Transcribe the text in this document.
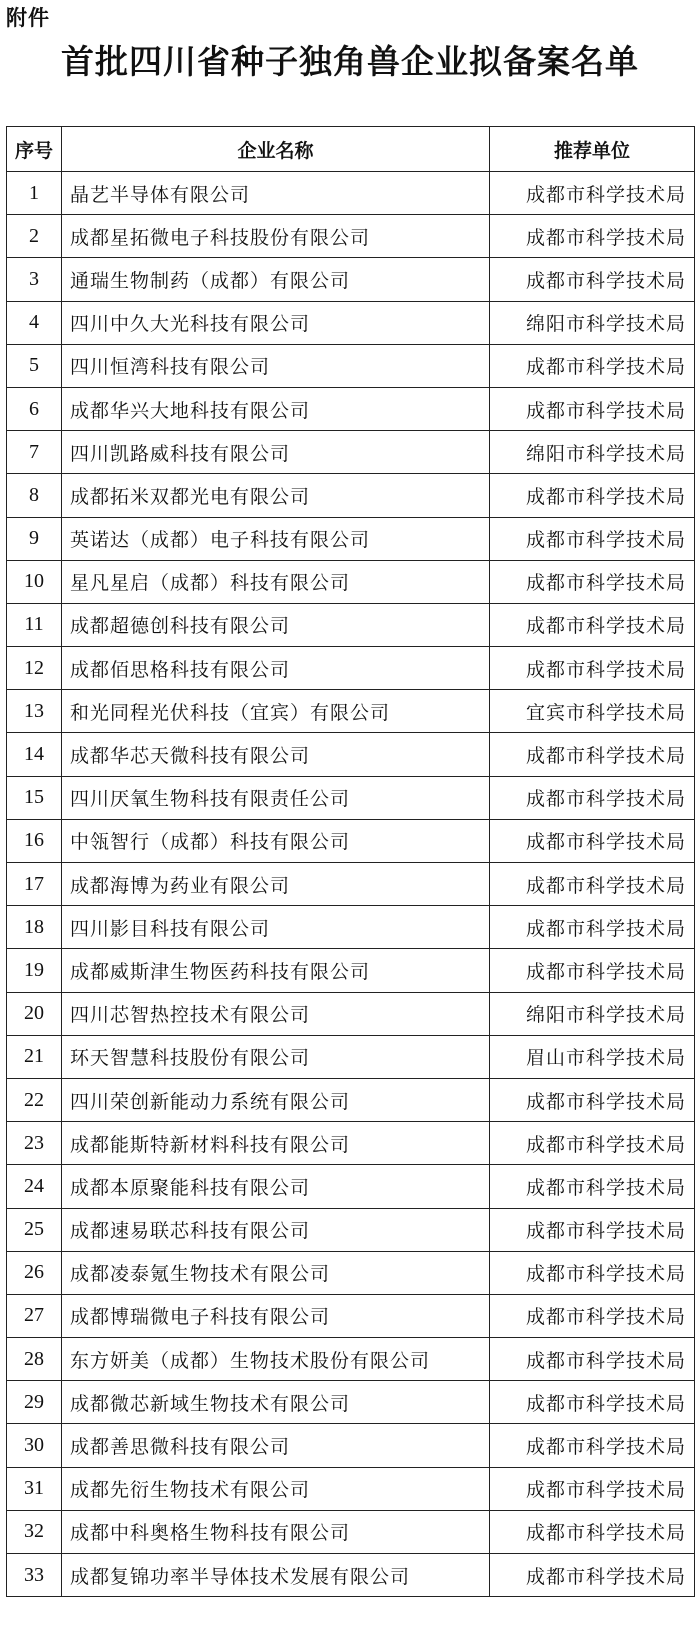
附件
首批四川省种子独角兽企业拟备案名单
序号	企业名称	推荐单位
1	晶艺半导体有限公司	成都市科学技术局
2	成都星拓微电子科技股份有限公司	成都市科学技术局
3	通瑞生物制药（成都）有限公司	成都市科学技术局
4	四川中久大光科技有限公司	绵阳市科学技术局
5	四川恒湾科技有限公司	成都市科学技术局
6	成都华兴大地科技有限公司	成都市科学技术局
7	四川凯路威科技有限公司	绵阳市科学技术局
8	成都拓米双都光电有限公司	成都市科学技术局
9	英诺达（成都）电子科技有限公司	成都市科学技术局
10	星凡星启（成都）科技有限公司	成都市科学技术局
11	成都超德创科技有限公司	成都市科学技术局
12	成都佰思格科技有限公司	成都市科学技术局
13	和光同程光伏科技（宜宾）有限公司	宜宾市科学技术局
14	成都华芯天微科技有限公司	成都市科学技术局
15	四川厌氧生物科技有限责任公司	成都市科学技术局
16	中瓴智行（成都）科技有限公司	成都市科学技术局
17	成都海博为药业有限公司	成都市科学技术局
18	四川影目科技有限公司	成都市科学技术局
19	成都威斯津生物医药科技有限公司	成都市科学技术局
20	四川芯智热控技术有限公司	绵阳市科学技术局
21	环天智慧科技股份有限公司	眉山市科学技术局
22	四川荣创新能动力系统有限公司	成都市科学技术局
23	成都能斯特新材料科技有限公司	成都市科学技术局
24	成都本原聚能科技有限公司	成都市科学技术局
25	成都速易联芯科技有限公司	成都市科学技术局
26	成都凌泰氪生物技术有限公司	成都市科学技术局
27	成都博瑞微电子科技有限公司	成都市科学技术局
28	东方妍美（成都）生物技术股份有限公司	成都市科学技术局
29	成都微芯新域生物技术有限公司	成都市科学技术局
30	成都善思微科技有限公司	成都市科学技术局
31	成都先衍生物技术有限公司	成都市科学技术局
32	成都中科奥格生物科技有限公司	成都市科学技术局
33	成都复锦功率半导体技术发展有限公司	成都市科学技术局
